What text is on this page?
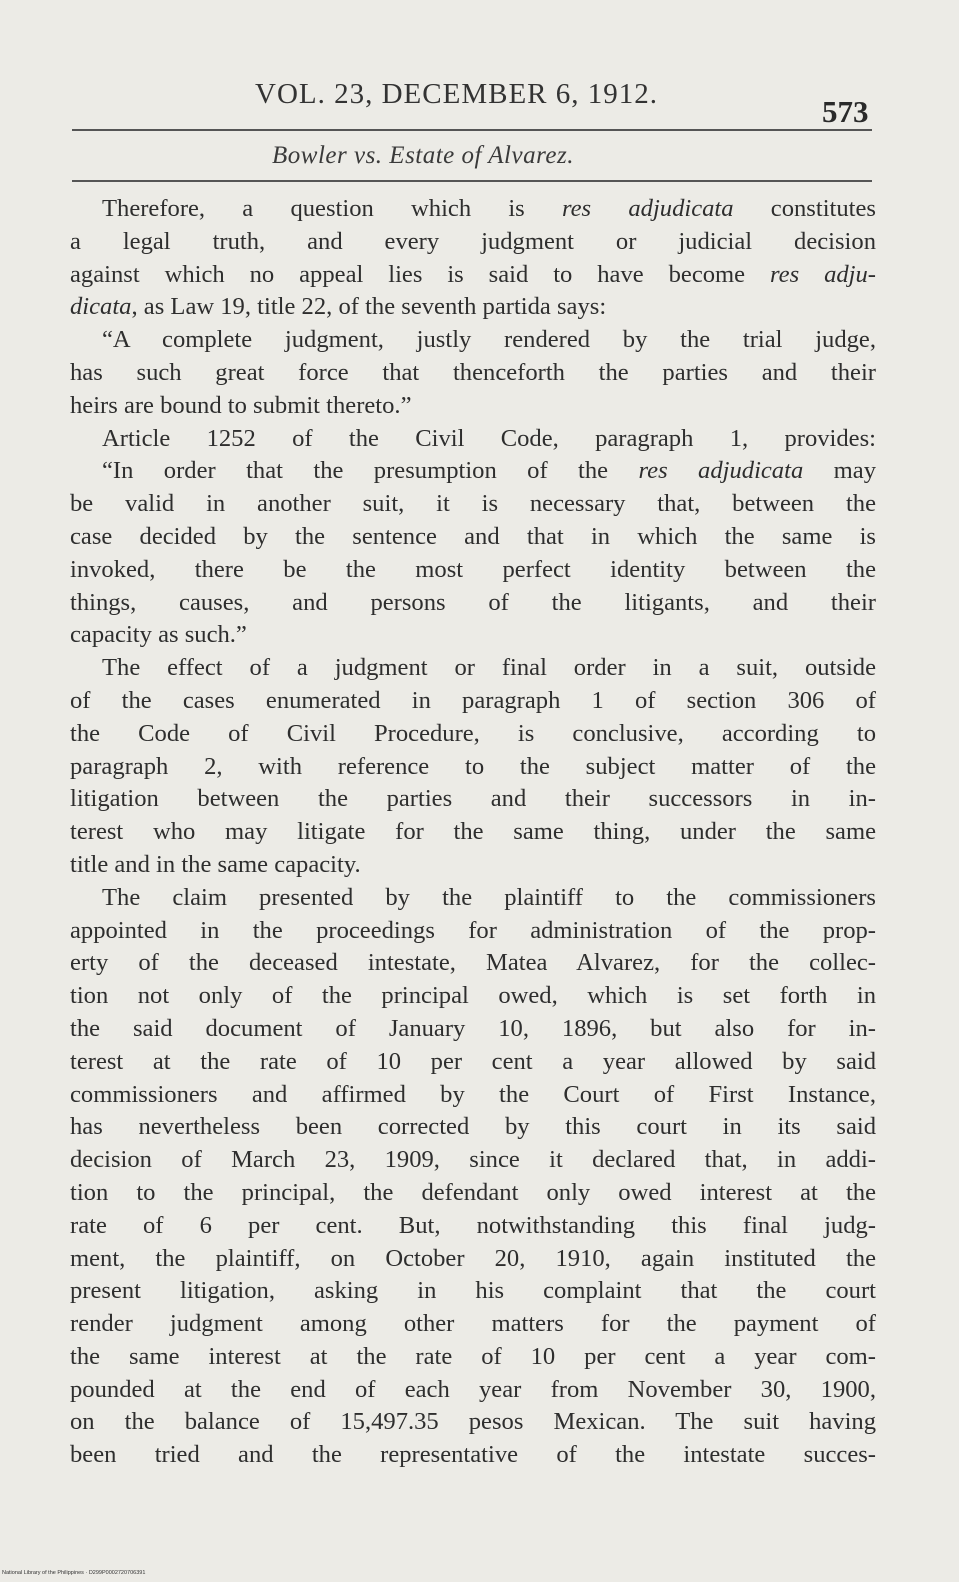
VOL. 23, DECEMBER 6, 1912.	573
Bowler vs. Estate of Alvarez.
Therefore, a question which is res adjudicata constitutes
a legal truth, and every judgment or judicial decision
against which no appeal lies is said to have become res adju-
dicata, as Law 19, title 22, of the seventh partida says:
“A complete judgment, justly rendered by the trial judge,
has such great force that thenceforth the parties and their
heirs are bound to submit thereto.”
Article 1252 of the Civil Code, paragraph 1, provides:
“In order that the presumption of the res adjudicata may
be valid in another suit, it is necessary that, between the
case decided by the sentence and that in which the same is
invoked, there be the most perfect identity between the
things, causes, and persons of the litigants, and their
capacity as such.”
The effect of a judgment or final order in a suit, outside
of the cases enumerated in paragraph 1 of section 306 of
the Code of Civil Procedure, is conclusive, according to
paragraph 2, with reference to the subject matter of the
litigation between the parties and their successors in in-
terest who may litigate for the same thing, under the same
title and in the same capacity.
The claim presented by the plaintiff to the commissioners
appointed in the proceedings for administration of the prop-
erty of the deceased intestate, Matea Alvarez, for the collec-
tion not only of the principal owed, which is set forth in
the said document of January 10, 1896, but also for in-
terest at the rate of 10 per cent a year allowed by said
commissioners and affirmed by the Court of First Instance,
has nevertheless been corrected by this court in its said
decision of March 23, 1909, since it declared that, in addi-
tion to the principal, the defendant only owed interest at the
rate of 6 per cent. But, notwithstanding this final judg-
ment, the plaintiff, on October 20, 1910, again instituted the
present litigation, asking in his complaint that the court
render judgment among other matters for the payment of
the same interest at the rate of 10 per cent a year com-
pounded at the end of each year from November 30, 1900,
on the balance of 15,497.35 pesos Mexican. The suit having
been tried and the representative of the intestate succes-
National Library of the Philippines · D299P0002720706391
